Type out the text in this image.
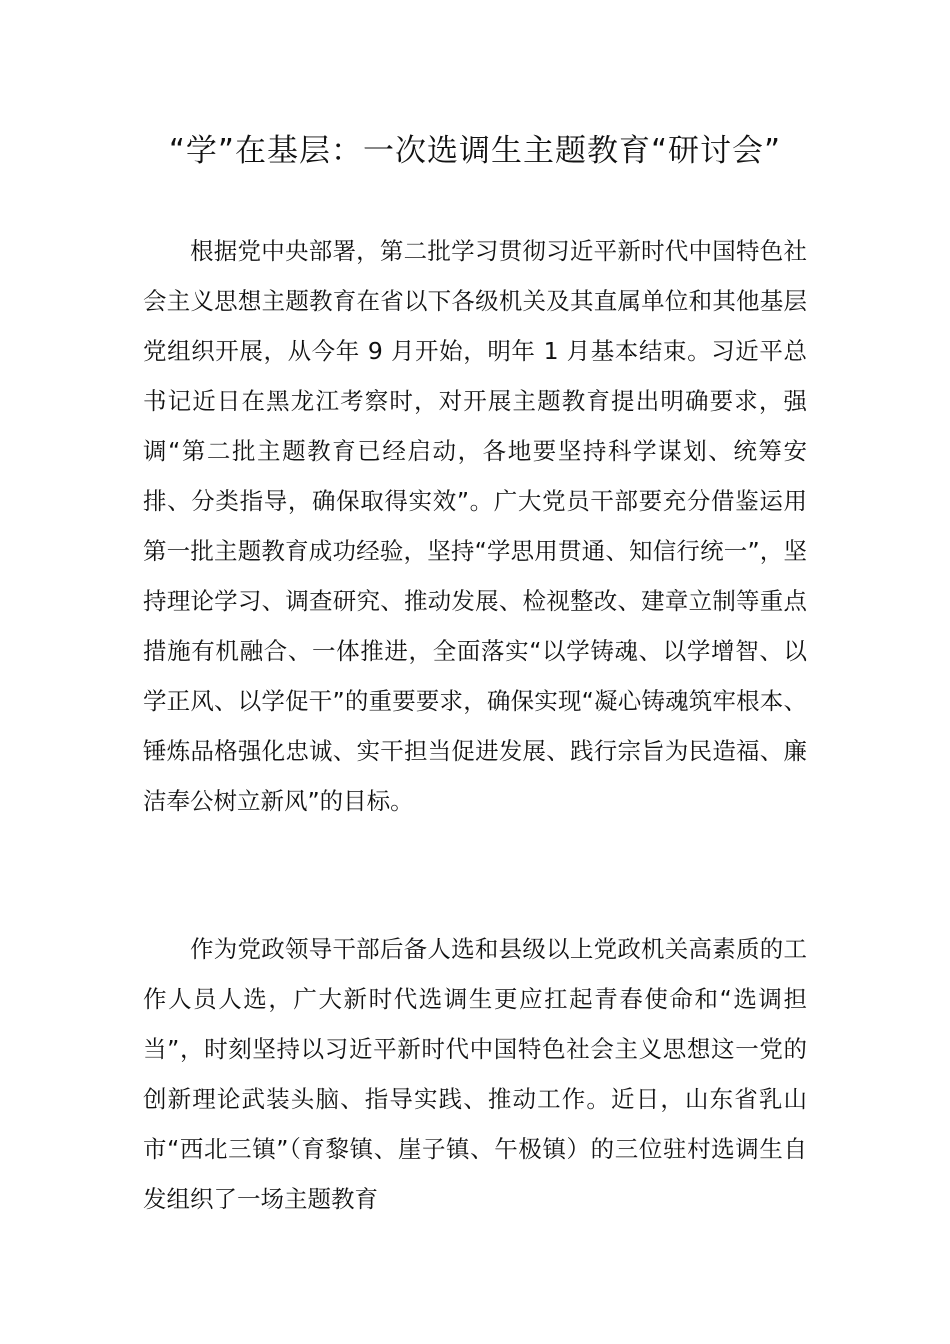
“学”在基层：一次选调生主题教育“研讨会”

根据党中央部署，第二批学习贯彻习近平新时代中国特色社会主义思想主题教育在省以下各级机关及其直属单位和其他基层党组织开展，从今年 9 月开始，明年 1 月基本结束。习近平总书记近日在黑龙江考察时，对开展主题教育提出明确要求，强调“第二批主题教育已经启动，各地要坚持科学谋划、统筹安排、分类指导，确保取得实效”。广大党员干部要充分借鉴运用第一批主题教育成功经验，坚持“学思用贯通、知信行统一”，坚持理论学习、调查研究、推动发展、检视整改、建章立制等重点措施有机融合、一体推进，全面落实“以学铸魂、以学增智、以学正风、以学促干”的重要要求，确保实现“凝心铸魂筑牢根本、锤炼品格强化忠诚、实干担当促进发展、践行宗旨为民造福、廉洁奉公树立新风”的目标。

作为党政领导干部后备人选和县级以上党政机关高素质的工作人员人选，广大新时代选调生更应扛起青春使命和“选调担当”，时刻坚持以习近平新时代中国特色社会主义思想这一党的创新理论武装头脑、指导实践、推动工作。近日，山东省乳山市“西北三镇”（育黎镇、崖子镇、午极镇）的三位驻村选调生自发组织了一场主题教育
